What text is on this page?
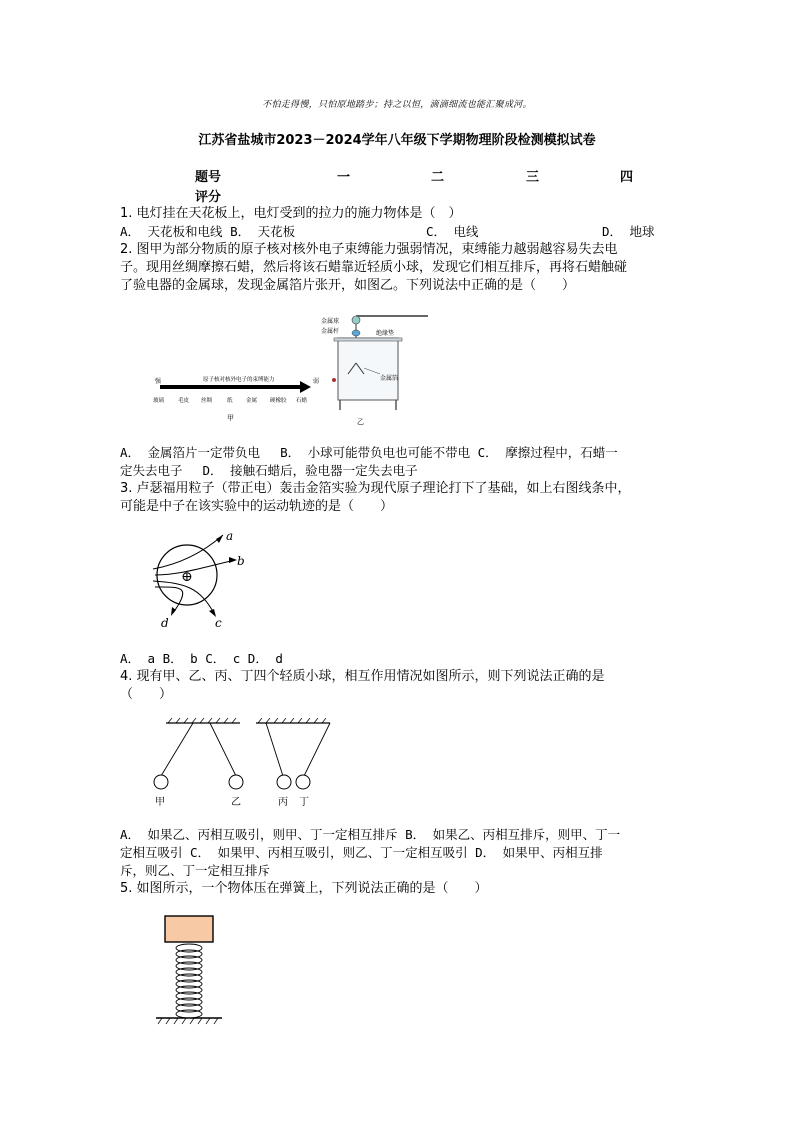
不怕走得慢，只怕原地踏步；持之以恒，滴滴细流也能汇聚成河。
江苏省盐城市2023－2024学年八年级下学期物理阶段检测模拟试卷
题号	一	二	三	四
评分
1. 电灯挂在天花板上，电灯受到的拉力的施力物体是（　）
A． 天花板和电线 B． 天花板	C． 电线	D． 地球
2. 图甲为部分物质的原子核对核外电子束缚能力强弱情况，束缚能力越弱越容易失去电
子。现用丝绸摩擦石蜡，然后将该石蜡靠近轻质小球，发现它们相互排斥，再将石蜡触碰
了验电器的金属球，发现金属箔片张开，如图乙。下列说法中正确的是（　　）
强	原子核对核外电子的束缚能力	弱
玻璃	毛皮 丝绸	纸 金属 硬橡胶 石蜡
甲
金属球
金属杆	绝缘垫
金属箔
乙
A． 金属箔片一定带负电　 B． 小球可能带负电也可能不带电 C． 摩擦过程中，石蜡一
定失去电子　 D． 接触石蜡后，验电器一定失去电子
3. 卢瑟福用粒子（带正电）轰击金箔实验为现代原子理论打下了基础，如上右图线条中，
可能是中子在该实验中的运动轨迹的是（　　）
⊕
a
b
c
d
A． a B． b C． c D． d
4. 现有甲、乙、丙、丁四个轻质小球，相互作用情况如图所示，则下列说法正确的是
（　　）
甲	乙	丙 丁
A． 如果乙、丙相互吸引，则甲、丁一定相互排斥 B． 如果乙、丙相互排斥，则甲、丁一
定相互吸引 C． 如果甲、丙相互吸引，则乙、丁一定相互吸引 D． 如果甲、丙相互排
斥，则乙、丁一定相互排斥
5. 如图所示，一个物体压在弹簧上，下列说法正确的是（　　）
